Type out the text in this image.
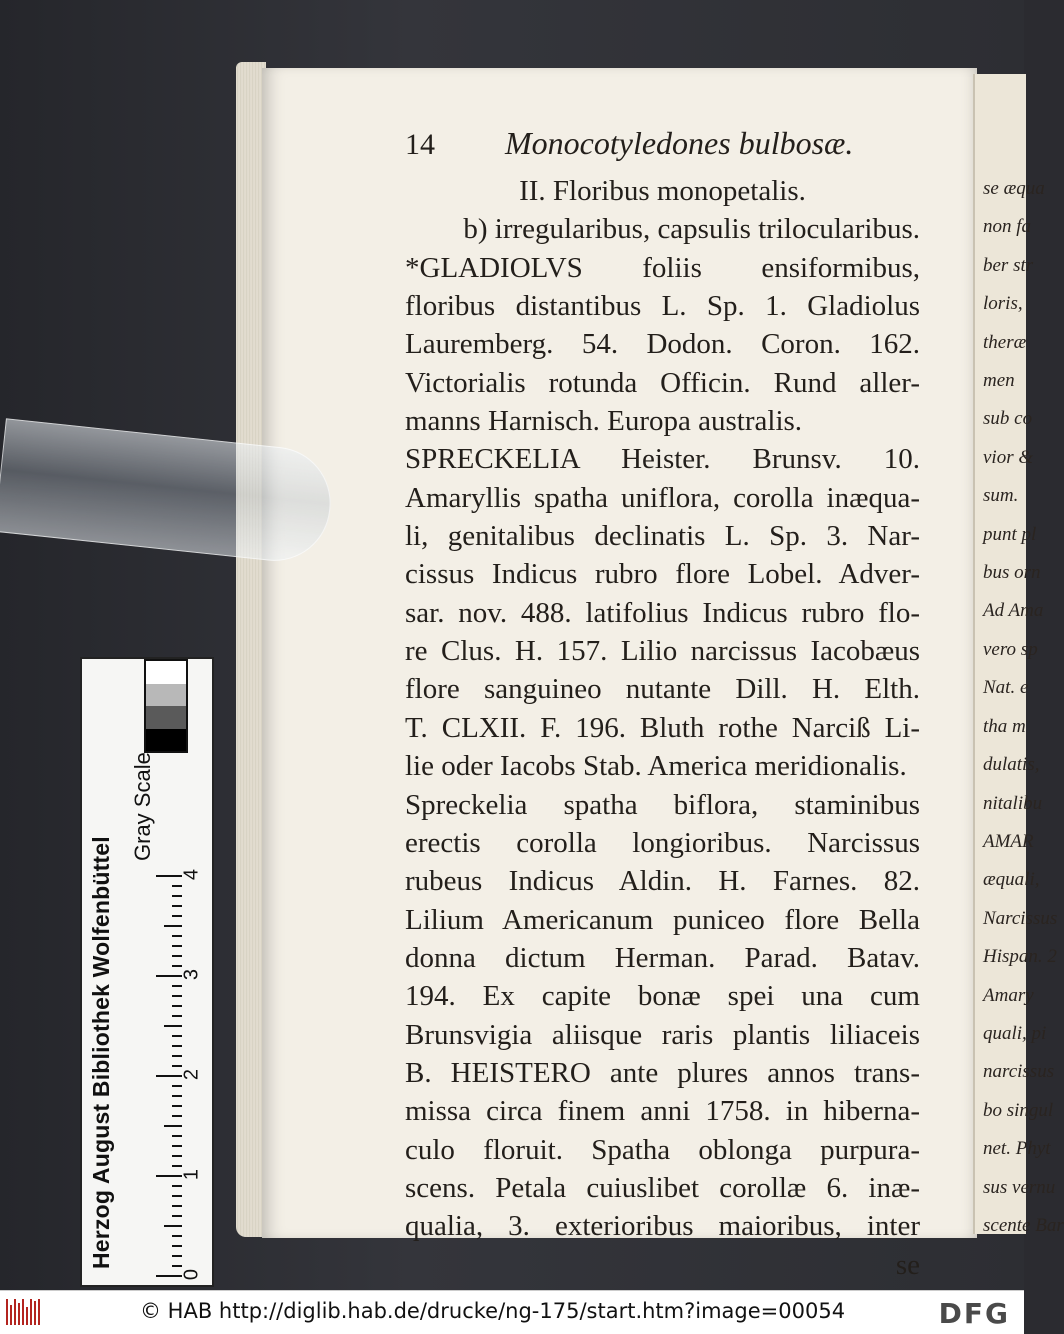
se æqua
non fa
ber str
loris,
theræ
men
sub co
vior &
sum.
punt pl
bus orn
Ad Ama
vero sp
Nat. e
tha m
dulatis,
nitalibu
AMAR
æquali,
Narcissus
Hispan. 2
Amary
quali, pi
narcissus
bo singul
net. Phyt
sus vernu
scente Bar
14	Monocotyledones bulbosæ.
II. Floribus monopetalis.
b) irregularibus, capsulis trilocularibus.
*GLADIOLVS foliis ensiformibus,
floribus distantibus L. Sp. 1. Gladiolus
Lauremberg. 54. Dodon. Coron. 162.
Victorialis rotunda Officin. Rund aller-
manns Harnisch. Europa australis.
SPRECKELIA Heister. Brunsv. 10.
Amaryllis spatha uniflora, corolla inæqua-
li, genitalibus declinatis L. Sp. 3. Nar-
cissus Indicus rubro flore Lobel. Adver-
sar. nov. 488. latifolius Indicus rubro flo-
re Clus. H. 157. Lilio narcissus Iacobæus
flore sanguineo nutante Dill. H. Elth.
T. CLXII. F. 196. Bluth rothe Narciß Li-
lie oder Iacobs Stab. America meridionalis.
Spreckelia spatha biflora, staminibus
erectis corolla longioribus. Narcissus
rubeus Indicus Aldin. H. Farnes. 82.
Lilium Americanum puniceo flore Bella
donna dictum Herman. Parad. Batav.
194. Ex capite bonæ spei una cum
Brunsvigia aliisque raris plantis liliaceis
B. HEISTERO ante plures annos trans-
missa circa finem anni 1758. in hiberna-
culo floruit. Spatha oblonga purpura-
scens. Petala cuiuslibet corollæ 6. inæ-
qualia, 3. exterioribus maioribus, inter
se
Gray Scale
0
1
2
3
4
Herzog August Bibliothek Wolfenbüttel
© HAB http://diglib.hab.de/drucke/ng-175/start.htm?image=00054	DFG
